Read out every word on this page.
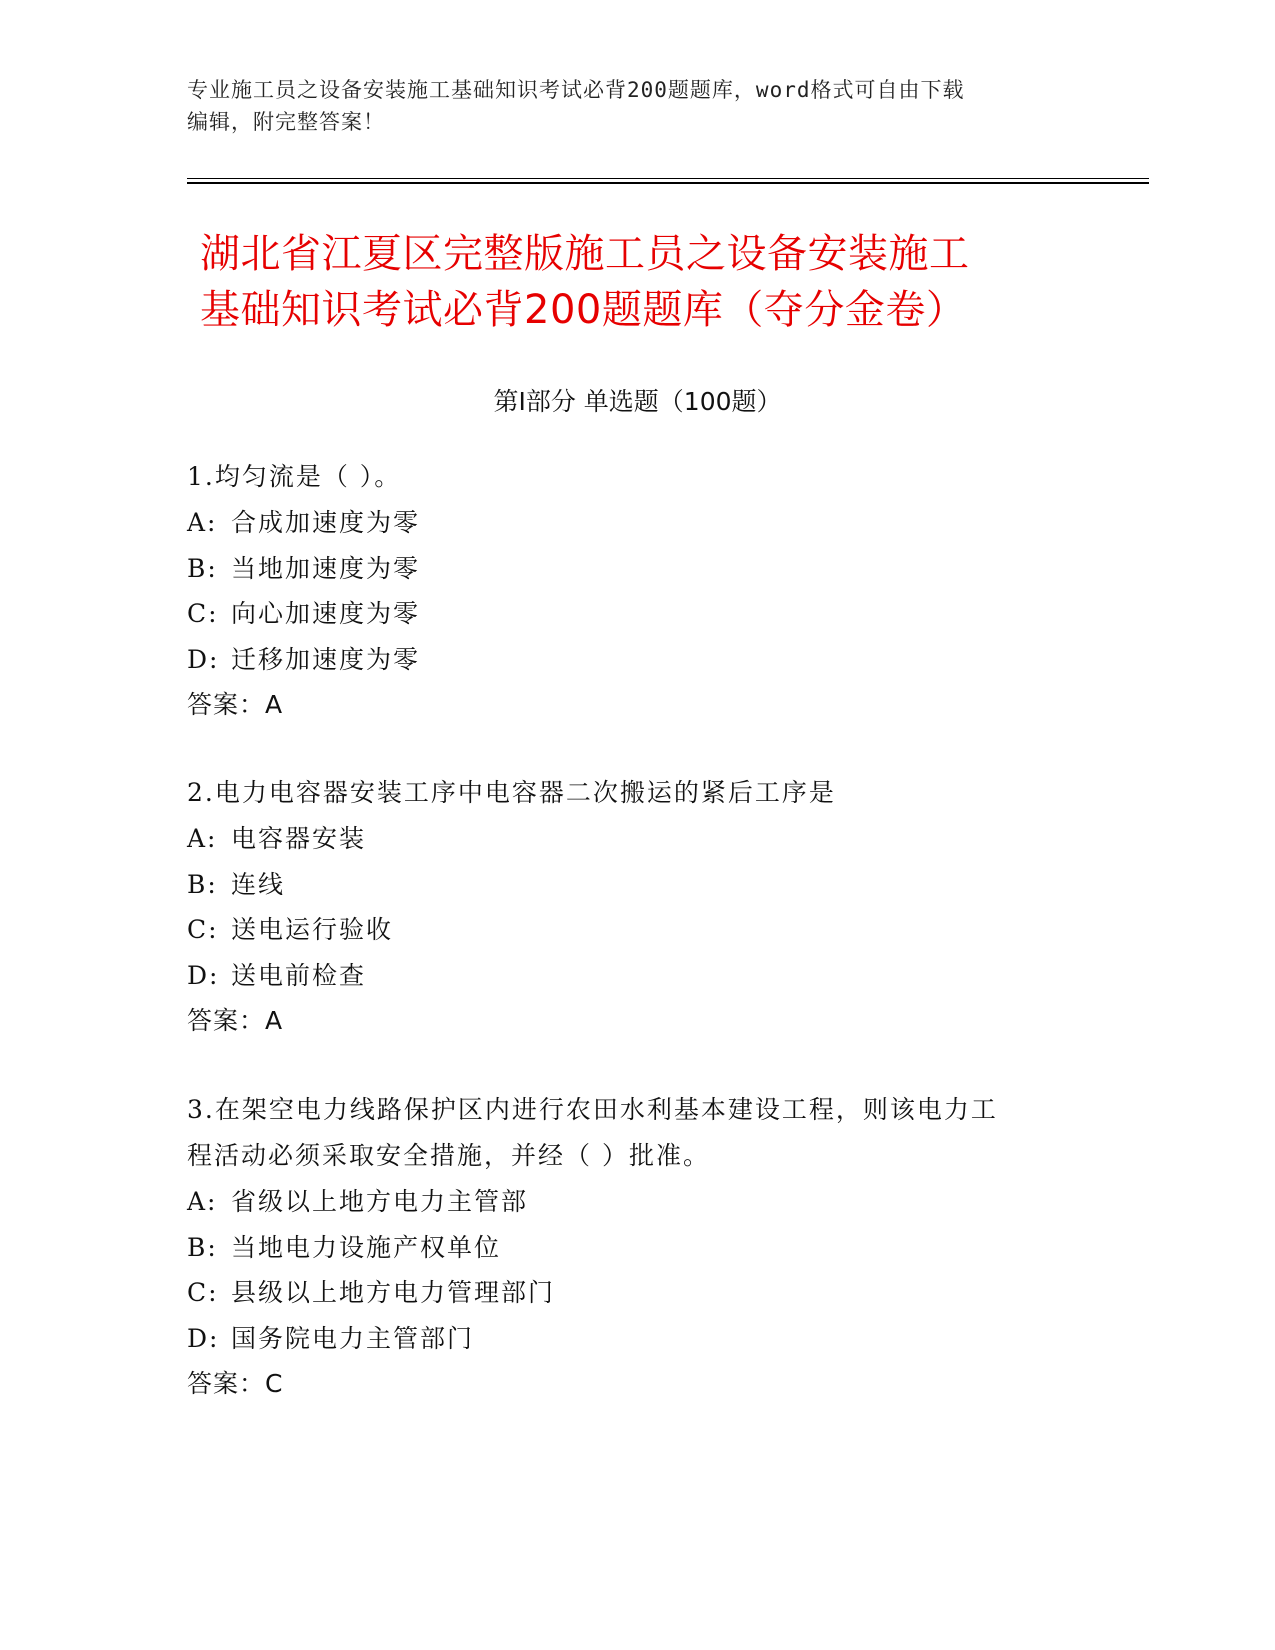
专业施工员之设备安装施工基础知识考试必背200题题库，word格式可自由下载
编辑，附完整答案！
湖北省江夏区完整版施工员之设备安装施工
基础知识考试必背200题题库（夺分金卷）
第Ⅰ部分 单选题（100题）
1.均匀流是（ ）。
A: 合成加速度为零
B: 当地加速度为零
C: 向心加速度为零
D: 迁移加速度为零
答案：A
2.电力电容器安装工序中电容器二次搬运的紧后工序是
A: 电容器安装
B: 连线
C: 送电运行验收
D: 送电前检查
答案：A
3.在架空电力线路保护区内进行农田水利基本建设工程，则该电力工
程活动必须采取安全措施，并经（ ）批准。
A: 省级以上地方电力主管部
B: 当地电力设施产权单位
C: 县级以上地方电力管理部门
D: 国务院电力主管部门
答案：C
